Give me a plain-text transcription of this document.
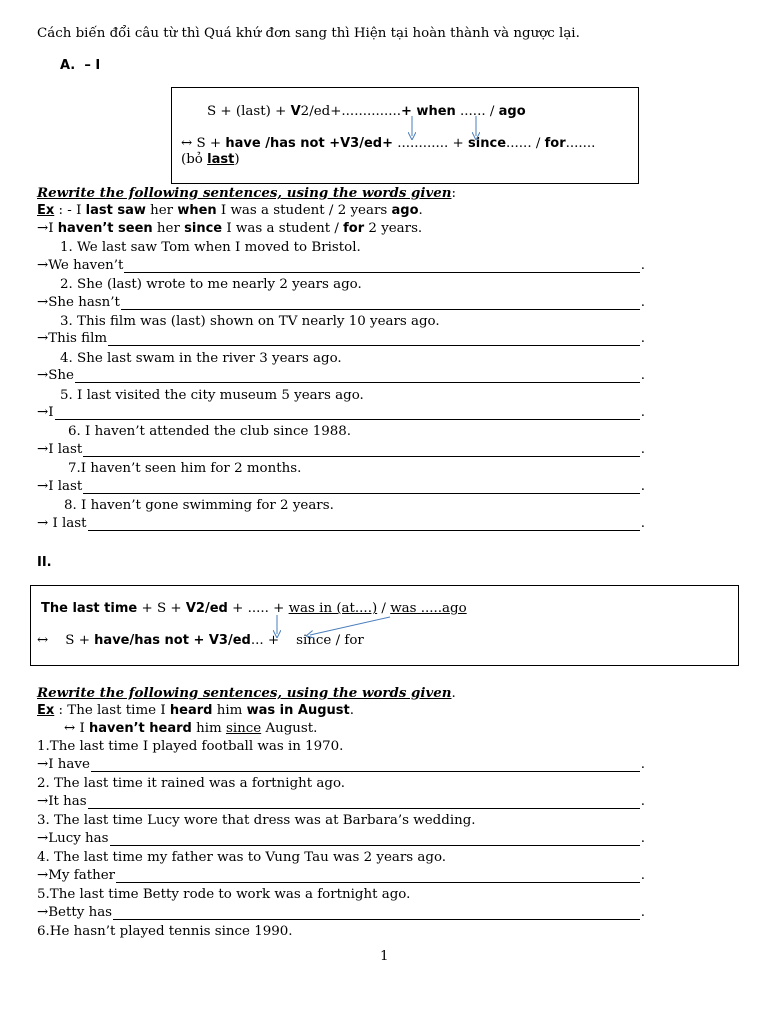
Cách biến đổi câu từ thì Quá khứ đơn sang thì Hiện tại hoàn thành và ngược lại.
A. – I
S + (last) + V2/ed+..............+ when ...... / ago
↔ S + have /has not +V3/ed+ ............ + since...... / for.......
(bỏ last)
Rewrite the following sentences, using the words given:
Ex : - I last saw her when I was a student / 2 years ago.
→I haven’t seen her since I was a student / for 2 years.
1. We last saw Tom when I moved to Bristol.
→We haven’t	.
2. She (last) wrote to me nearly 2 years ago.
→She hasn’t	.
3. This film was (last) shown on TV nearly 10 years ago.
→This film	.
4. She last swam in the river 3 years ago.
→She	.
5. I last visited the city museum 5 years ago.
→I	.
6. I haven’t attended the club since 1988.
→I last	.
7.I haven’t seen him for 2 months.
→I last	.
8. I haven’t gone swimming for 2 years.
→ I last	.
II.
The last time + S + V2/ed + ..... + was in (at....) / was .....ago
↔ S + have/has not + V3/ed... + since / for
Rewrite the following sentences, using the words given.
Ex : The last time I heard him was in August.
↔ I haven’t heard him since August.
1.The last time I played football was in 1970.
→I have	.
2. The last time it rained was a fortnight ago.
→It has	.
3. The last time Lucy wore that dress was at Barbara’s wedding.
→Lucy has	.
4. The last time my father was to Vung Tau was 2 years ago.
→My father	.
5.The last time Betty rode to work was a fortnight ago.
→Betty has	.
6.He hasn’t played tennis since 1990.
1
